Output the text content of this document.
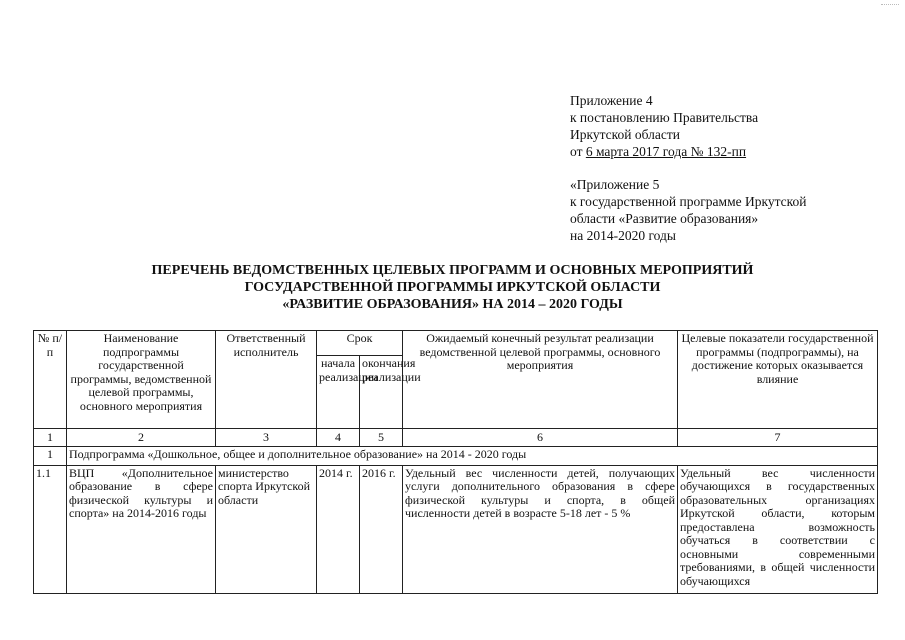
Приложение 4
к постановлению Правительства
Иркутской области
от 6 марта 2017 года № 132-пп
«Приложение 5
к государственной программе Иркутской
области «Развитие образования»
на 2014-2020 годы
ПЕРЕЧЕНЬ ВЕДОМСТВЕННЫХ ЦЕЛЕВЫХ ПРОГРАММ И ОСНОВНЫХ МЕРОПРИЯТИЙ
ГОСУДАРСТВЕННОЙ ПРОГРАММЫ ИРКУТСКОЙ ОБЛАСТИ
«РАЗВИТИЕ ОБРАЗОВАНИЯ» НА 2014 – 2020 ГОДЫ
№ п/п	Наименование подпрограммы государственной программы, ведомственной целевой программы, основного мероприятия	Ответственный исполнитель	Срок		Ожидаемый конечный результат реализации ведомственной целевой программы, основного мероприятия	Целевые показатели государственной программы (подпрограммы), на достижение которых оказывается влияние
			начала реализации	окончания реализации		
1	2	3	4	5	6	7
1	Подпрограмма «Дошкольное, общее и дополнительное образование» на 2014 - 2020 годы					
1.1	ВЦП «Дополнительное образование в сфере физической культуры и спорта» на 2014-2016 годы	министерство спорта Иркутской области	2014 г.	2016 г.	Удельный вес численности детей, получающих услуги дополнительного образования в сфере физической культуры и спорта, в общей численности детей в возрасте 5-18 лет - 5 %	Удельный вес численности обучающихся в государственных образовательных организациях Иркутской области, которым предоставлена возможность обучаться в соответствии с основными современными требованиями, в общей численности обучающихся
